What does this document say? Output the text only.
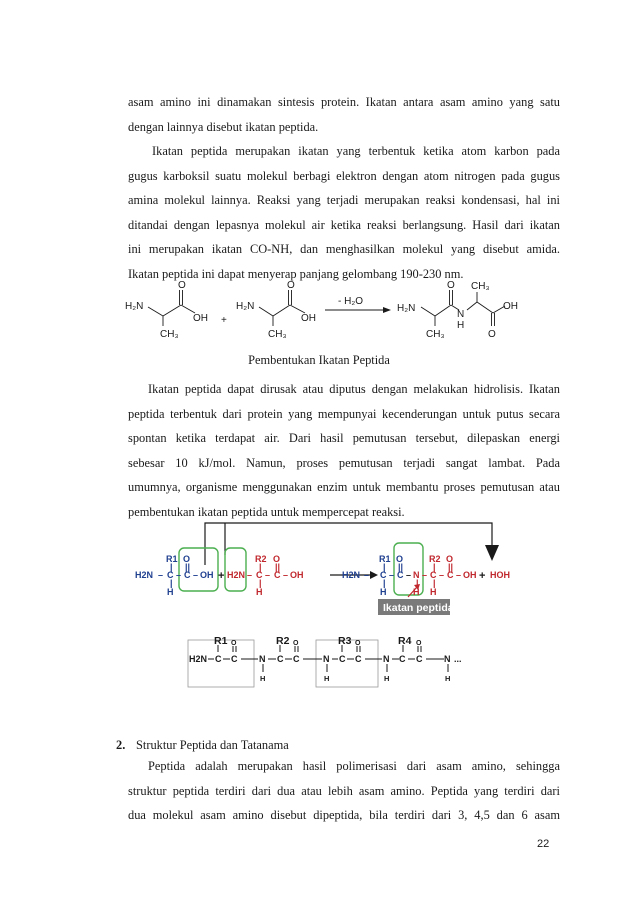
asam amino ini dinamakan sintesis protein. Ikatan antara asam amino yang satu
dengan lainnya disebut ikatan peptida.
Ikatan peptida merupakan ikatan yang terbentuk ketika atom karbon pada
gugus karboksil suatu molekul berbagi elektron dengan atom nitrogen pada gugus
amina molekul lainnya. Reaksi yang terjadi merupakan reaksi kondensasi, hal ini
ditandai dengan lepasnya molekul air ketika reaksi berlangsung. Hasil dari ikatan
ini merupakan ikatan CO-NH, dan menghasilkan molekul yang disebut amida.
Ikatan peptida ini dapat menyerap panjang gelombang 190-230 nm.
H₂N
O
OH
CH₃
+
H₂N
O
OH
CH₃
- H₂O
H₂N
O
CH₃
N
H
CH₃
OH
O
Pembentukan Ikatan Peptida
Ikatan peptida dapat dirusak atau diputus dengan melakukan hidrolisis. Ikatan
peptida terbentuk dari protein yang mempunyai kecenderungan untuk putus secara
spontan ketika terdapat air. Dari hasil pemutusan tersebut, dilepaskan energi
sebesar 10 kJ/mol. Namun, proses pemutusan terjadi sangat lambat. Pada
umumnya, organisme menggunakan enzim untuk membantu proses pemutusan atau
pembentukan ikatan peptida untuk mempercepat reaksi.
Ikatan peptida
R1
|
H2N – C –
|
H
O
||
C – OH + H2N –
R2
|
C
|
H
–
O
||
C – OH	H2N –
R1
|
C
|
H
–
O
||
C – N
|
H
–
R2
|
C
|
H
–
O
||
C – OH + HOH
H2N C
R1 O
C N
H
C
R2 O
C	N
H
C
R3 O
C N
H
C
R4 O
C N
H
...
2. Struktur Peptida dan Tatanama
Peptida adalah merupakan hasil polimerisasi dari asam amino, sehingga
struktur peptida terdiri dari dua atau lebih asam amino. Peptida yang terdiri dari
dua molekul asam amino disebut dipeptida, bila terdiri dari 3, 4,5 dan 6 asam
22
